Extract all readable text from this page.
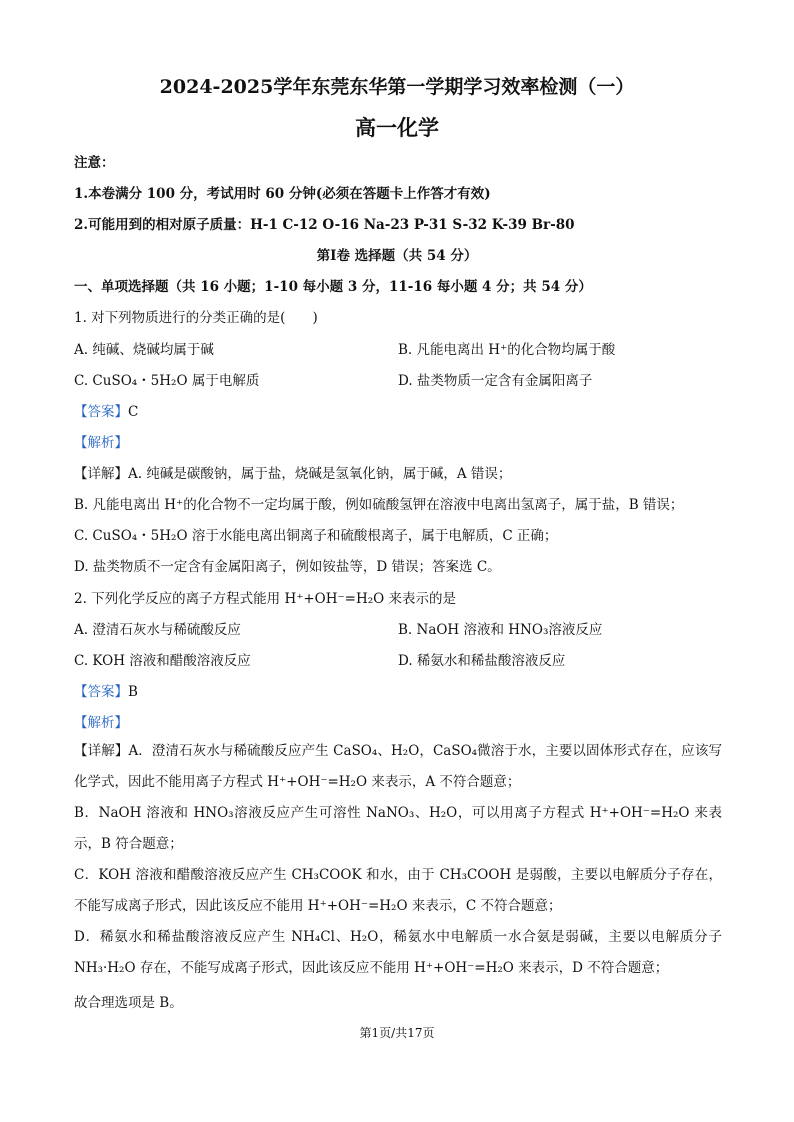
2024-2025学年东莞东华第一学期学习效率检测（一）
高一化学
注意：
1.本卷满分 100 分，考试用时 60 分钟(必须在答题卡上作答才有效)
2.可能用到的相对原子质量：H-1 C-12 O-16 Na-23 P-31 S-32 K-39 Br-80
第Ⅰ卷 选择题（共 54 分）
一、单项选择题（共 16 小题；1-10 每小题 3 分，11-16 每小题 4 分；共 54 分）
1. 对下列物质进行的分类正确的是(　　)
A. 纯碱、烧碱均属于碱	B. 凡能电离出 H⁺的化合物均属于酸
C. CuSO₄・5H₂O 属于电解质	D. 盐类物质一定含有金属阳离子
【答案】C
【解析】
【详解】A. 纯碱是碳酸钠，属于盐，烧碱是氢氧化钠，属于碱，A 错误；
B. 凡能电离出 H⁺的化合物不一定均属于酸，例如硫酸氢钾在溶液中电离出氢离子，属于盐，B 错误；
C. CuSO₄・5H₂O 溶于水能电离出铜离子和硫酸根离子，属于电解质，C 正确；
D. 盐类物质不一定含有金属阳离子，例如铵盐等，D 错误；答案选 C。
2. 下列化学反应的离子方程式能用 H⁺+OH⁻=H₂O 来表示的是
A. 澄清石灰水与稀硫酸反应	B. NaOH 溶液和 HNO₃溶液反应
C. KOH 溶液和醋酸溶液反应	D. 稀氨水和稀盐酸溶液反应
【答案】B
【解析】
【详解】A．澄清石灰水与稀硫酸反应产生 CaSO₄、H₂O，CaSO₄微溶于水，主要以固体形式存在，应该写化学式，因此不能用离子方程式 H⁺+OH⁻=H₂O 来表示，A 不符合题意；
B．NaOH 溶液和 HNO₃溶液反应产生可溶性 NaNO₃、H₂O，可以用离子方程式 H⁺+OH⁻=H₂O 来表示，B 符合题意；
C．KOH 溶液和醋酸溶液反应产生 CH₃COOK 和水，由于 CH₃COOH 是弱酸，主要以电解质分子存在，不能写成离子形式，因此该反应不能用 H⁺+OH⁻=H₂O 来表示，C 不符合题意；
D．稀氨水和稀盐酸溶液反应产生 NH₄Cl、H₂O，稀氨水中电解质一水合氨是弱碱，主要以电解质分子 NH₃·H₂O 存在，不能写成离子形式，因此该反应不能用 H⁺+OH⁻=H₂O 来表示，D 不符合题意；
故合理选项是 B。
第1页/共17页
